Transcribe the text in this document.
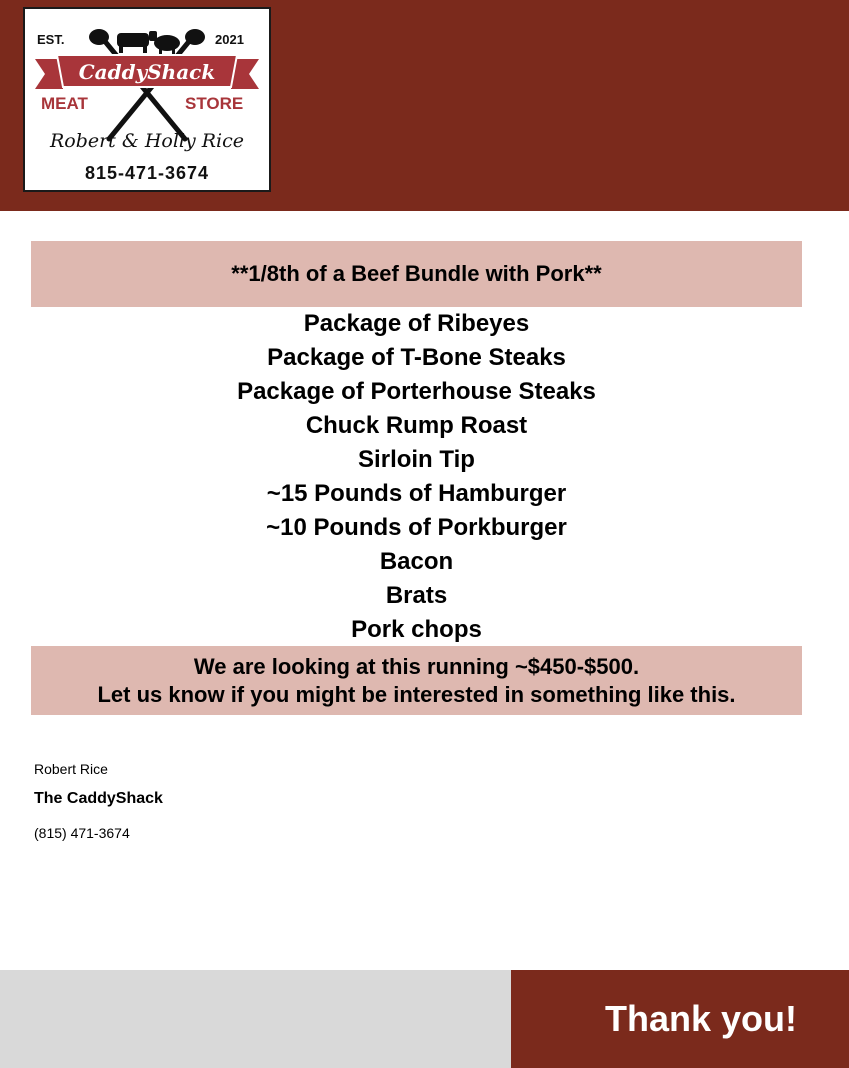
EST.	2021
CaddyShack
MEAT	STORE
Robert & Holly Rice
815-471-3674
**1/8th of a Beef Bundle with Pork**
Package of Ribeyes
Package of T-Bone Steaks
Package of Porterhouse Steaks
Chuck Rump Roast
Sirloin Tip
~15 Pounds of Hamburger
~10 Pounds of Porkburger
Bacon
Brats
Pork chops
We are looking at this running ~$450-$500.
Let us know if you might be interested in something like this.
Robert Rice
The CaddyShack
(815) 471-3674
Thank you!
